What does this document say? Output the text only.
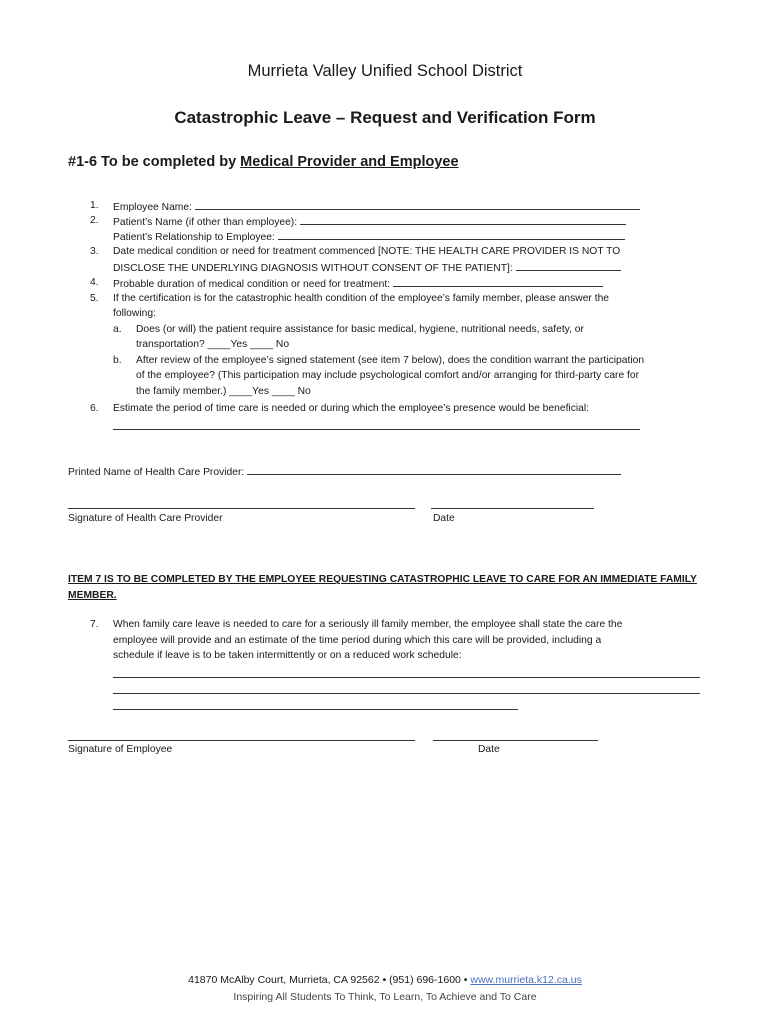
Murrieta Valley Unified School District
Catastrophic Leave – Request and Verification Form
#1-6 To be completed by Medical Provider and Employee
1. Employee Name:
2. Patient’s Name (if other than employee):
Patient’s Relationship to Employee:
3. Date medical condition or need for treatment commenced [NOTE: THE HEALTH CARE PROVIDER IS NOT TO
DISCLOSE THE UNDERLYING DIAGNOSIS WITHOUT CONSENT OF THE PATIENT]:
4. Probable duration of medical condition or need for treatment:
5. If the certification is for the catastrophic health condition of the employee’s family member, please answer the
following:
a. Does (or will) the patient require assistance for basic medical, hygiene, nutritional needs, safety, or
transportation? ____Yes ____ No
b. After review of the employee’s signed statement (see item 7 below), does the condition warrant the participation
of the employee? (This participation may include psychological comfort and/or arranging for third-party care for
the family member.) ____Yes ____ No
6. Estimate the period of time care is needed or during which the employee’s presence would be beneficial:
Printed Name of Health Care Provider:
Signature of Health Care Provider	Date
ITEM 7 IS TO BE COMPLETED BY THE EMPLOYEE REQUESTING CATASTROPHIC LEAVE TO CARE FOR AN IMMEDIATE FAMILY MEMBER.
7. When family care leave is needed to care for a seriously ill family member, the employee shall state the care the
employee will provide and an estimate of the time period during which this care will be provided, including a
schedule if leave is to be taken intermittently or on a reduced work schedule:
Signature of Employee	Date
41870 McAlby Court, Murrieta, CA 92562 • (951) 696-1600 • www.murrieta.k12.ca.us
Inspiring All Students To Think, To Learn, To Achieve and To Care
